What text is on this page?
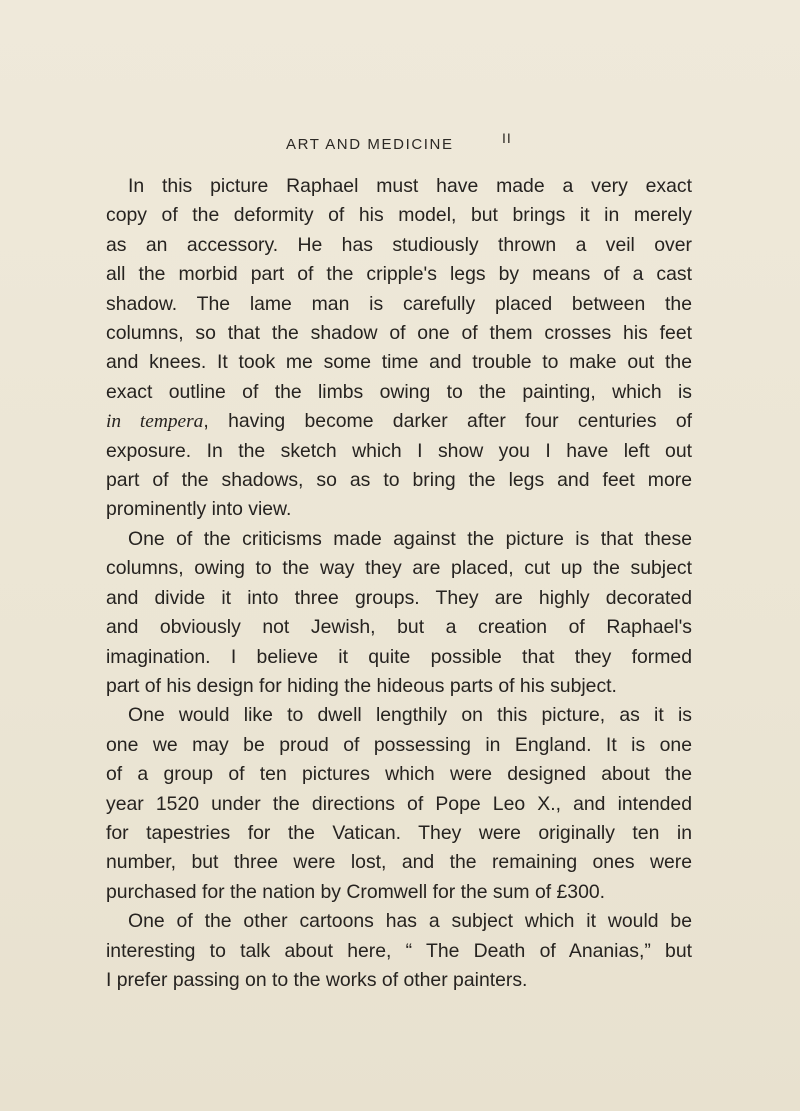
ART AND MEDICINE	II
In this picture Raphael must have made a very exact
copy of the deformity of his model, but brings it in merely
as an accessory. He has studiously thrown a veil over
all the morbid part of the cripple's legs by means of a cast
shadow. The lame man is carefully placed between the
columns, so that the shadow of one of them crosses his feet
and knees. It took me some time and trouble to make out the
exact outline of the limbs owing to the painting, which is
in tempera, having become darker after four centuries of
exposure. In the sketch which I show you I have left out
part of the shadows, so as to bring the legs and feet more
prominently into view.
One of the criticisms made against the picture is that these
columns, owing to the way they are placed, cut up the subject
and divide it into three groups. They are highly decorated
and obviously not Jewish, but a creation of Raphael's
imagination. I believe it quite possible that they formed
part of his design for hiding the hideous parts of his subject.
One would like to dwell lengthily on this picture, as it is
one we may be proud of possessing in England. It is one
of a group of ten pictures which were designed about the
year 1520 under the directions of Pope Leo X., and intended
for tapestries for the Vatican. They were originally ten in
number, but three were lost, and the remaining ones were
purchased for the nation by Cromwell for the sum of £300.
One of the other cartoons has a subject which it would be
interesting to talk about here, “ The Death of Ananias,” but
I prefer passing on to the works of other painters.
